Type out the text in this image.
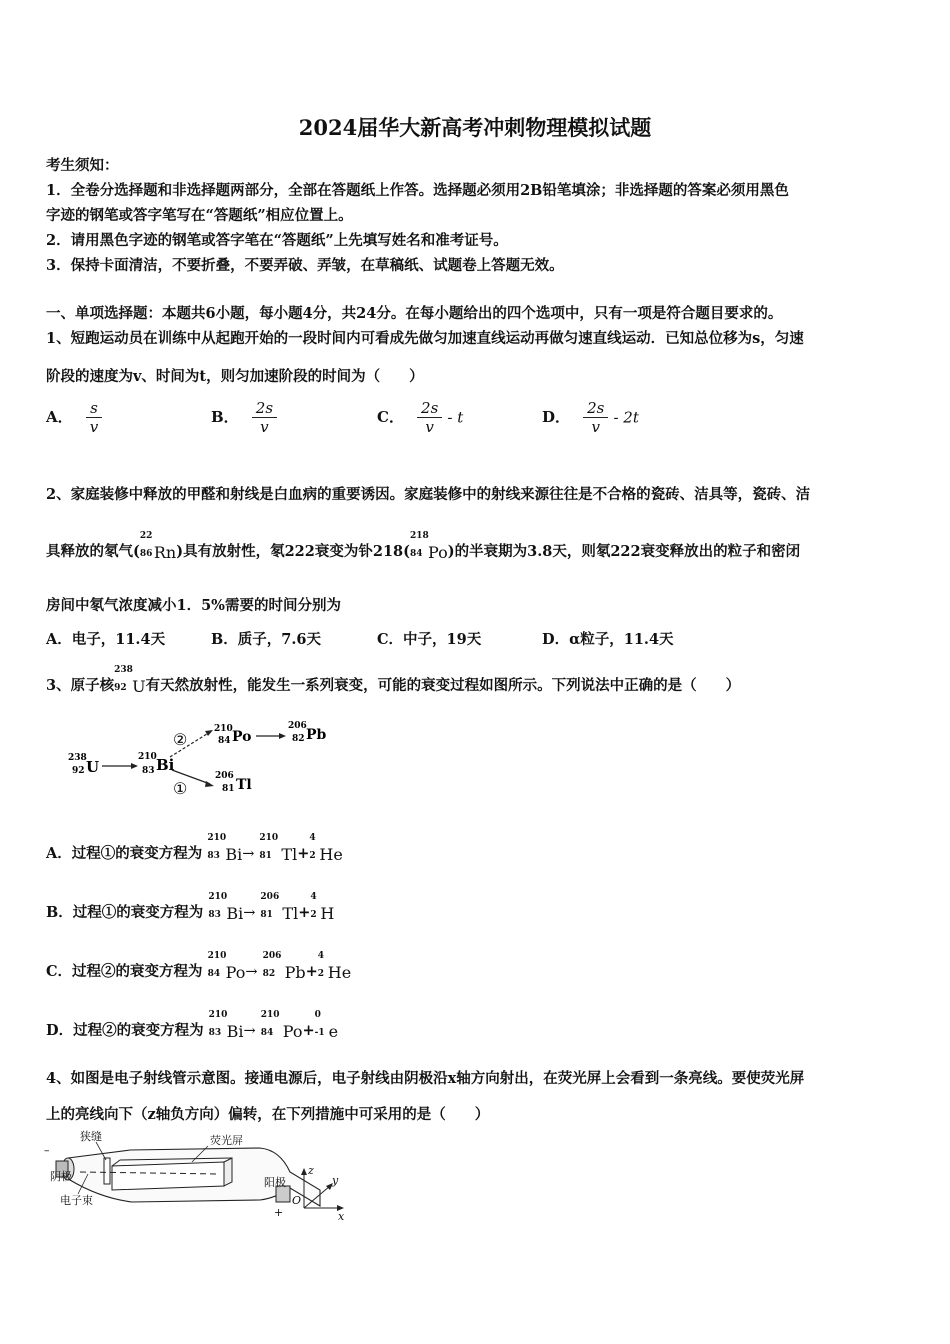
2024届华大新高考冲刺物理模拟试题
考生须知：
1．全卷分选择题和非选择题两部分，全部在答题纸上作答。选择题必须用2B铅笔填涂；非选择题的答案必须用黑色
字迹的钢笔或答字笔写在“答题纸”相应位置上。
2．请用黑色字迹的钢笔或答字笔在“答题纸”上先填写姓名和准考证号。
3．保持卡面清洁，不要折叠，不要弄破、弄皱，在草稿纸、试题卷上答题无效。
一、单项选择题：本题共6小题，每小题4分，共24分。在每小题给出的四个选项中，只有一项是符合题目要求的。
1、短跑运动员在训练中从起跑开始的一段时间内可看成先做匀加速直线运动再做匀速直线运动．已知总位移为s，匀速
阶段的速度为v、时间为t，则匀加速阶段的时间为（　　）
A． $\frac{s}{v}$	B． $\frac{2s}{v}$	C． $\frac{2s}{v}$ - t	D． $\frac{2s}{v} - 2t$
2、家庭装修中释放的甲醛和射线是白血病的重要诱因。家庭装修中的射线来源往往是不合格的瓷砖、洁具等，瓷砖、洁
具释放的氡气(
22
86 Rn)具有放射性，氡222衰变为钋218(
218
84 Po)的半衰期为3.8天，则氡222衰变释放出的粒子和密闭
房间中氡气浓度减小1．5%需要的时间分别为
A．电子，11.4天	B．质子，7.6天	C．中子，19天	D．α粒子，11.4天
3、原子核
238
92 U有天然放射性，能发生一系列衰变，可能的衰变过程如图所示。下列说法中正确的是（　　）
238
92 U
210
83 Bi
②
①
210
84 Po
206
82 Pb
206
81 Tl
A．过程①的衰变方程为
210
83 Bi→
210
81 Tl+
4
2 He
B．过程①的衰变方程为
210
83 Bi→
206
81 Tl+
4
2 H
C．过程②的衰变方程为
210
84 Po→
206
82 Pb+
4
2 He
D．过程②的衰变方程为
210
83 Bi→
210
84 Po+
0
-1 e
4、如图是电子射线管示意图。接通电源后，电子射线由阴极沿x轴方向射出，在荧光屏上会看到一条亮线。要使荧光屏
上的亮线向下（z轴负方向）偏转，在下列措施中可采用的是（　　）
狭缝	荧光屏
–
阴极
电子束
阳极
+
z
y
x
O
